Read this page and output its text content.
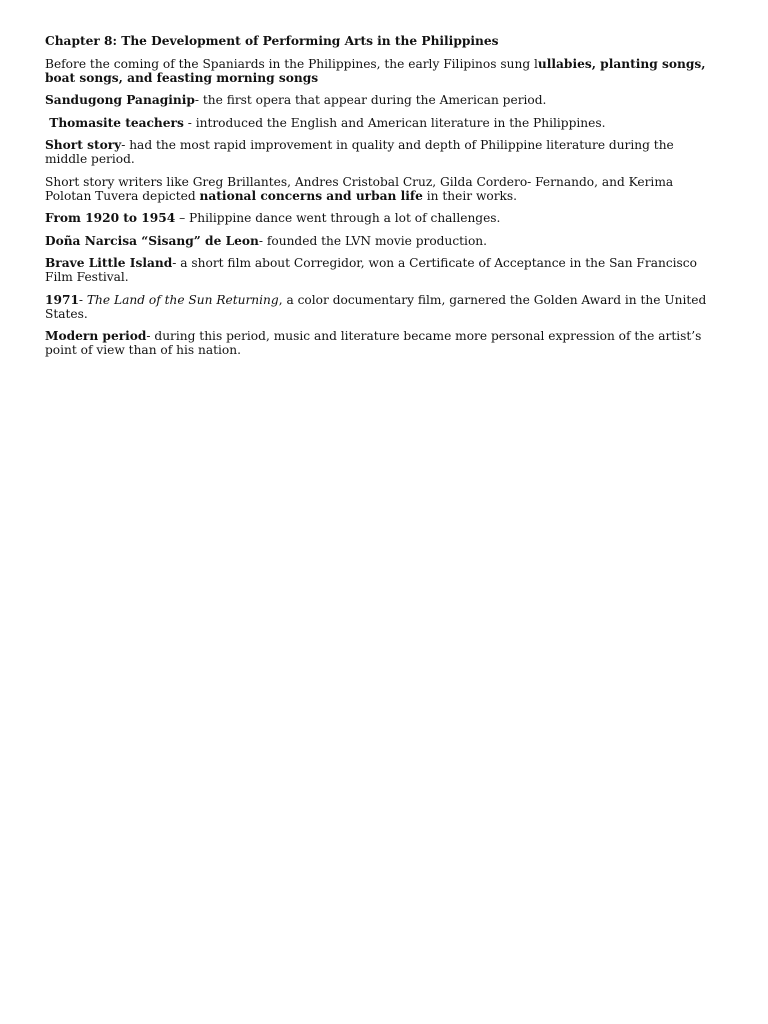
Chapter 8: The Development of Performing Arts in the Philippines

Before the coming of the Spaniards in the Philippines, the early Filipinos sung lullabies, planting songs, boat songs, and feasting morning songs

Sandugong Panaginip- the first opera that appear during the American period.

Thomasite teachers - introduced the English and American literature in the Philippines.

Short story- had the most rapid improvement in quality and depth of Philippine literature during the middle period.

Short story writers like Greg Brillantes, Andres Cristobal Cruz, Gilda Cordero- Fernando, and Kerima Polotan Tuvera depicted national concerns and urban life in their works.

From 1920 to 1954 – Philippine dance went through a lot of challenges.

Doña Narcisa “Sisang” de Leon- founded the LVN movie production.

Brave Little Island- a short film about Corregidor, won a Certificate of Acceptance in the San Francisco Film Festival.

1971- The Land of the Sun Returning, a color documentary film, garnered the Golden Award in the United States.

Modern period- during this period, music and literature became more personal expression of the artist’s point of view than of his nation.
